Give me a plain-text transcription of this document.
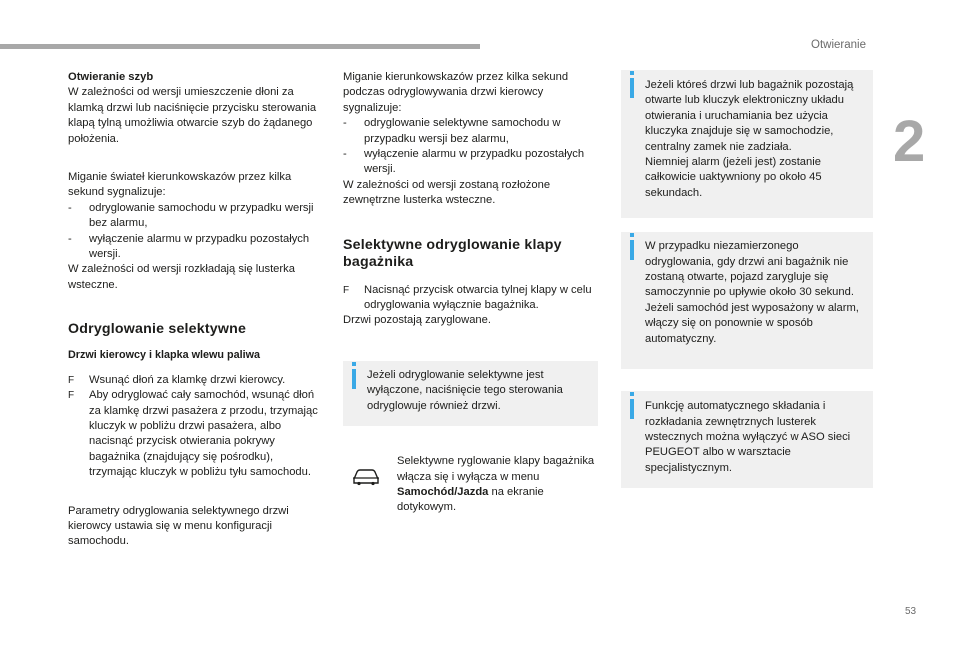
Otwieranie
2
53

Otwieranie szyb

W zależności od wersji umieszczenie dłoni za klamką drzwi lub naciśnięcie przycisku sterowania klapą tylną umożliwia otwarcie szyb do żądanego położenia.

Miganie świateł kierunkowskazów przez kilka sekund sygnalizuje:

- odryglowanie samochodu w przypadku wersji bez alarmu,
- wyłączenie alarmu w przypadku pozostałych wersji.

W zależności od wersji rozkładają się lusterka wsteczne.

Odryglowanie selektywne

Drzwi kierowcy i klapka wlewu paliwa

F Wsunąć dłoń za klamkę drzwi kierowcy.
F Aby odryglować cały samochód, wsunąć dłoń za klamkę drzwi pasażera z przodu, trzymając kluczyk w pobliżu drzwi pasażera, albo nacisnąć przycisk otwierania pokrywy bagażnika (znajdujący się pośrodku), trzymając kluczyk w pobliżu tyłu samochodu.

Parametry odryglowania selektywnego drzwi kierowcy ustawia się w menu konfiguracji samochodu.

Miganie kierunkowskazów przez kilka sekund podczas odryglowywania drzwi kierowcy sygnalizuje:

- odryglowanie selektywne samochodu w przypadku wersji bez alarmu,
- wyłączenie alarmu w przypadku pozostałych wersji.

W zależności od wersji zostaną rozłożone zewnętrzne lusterka wsteczne.

Selektywne odryglowanie klapy bagażnika
F Nacisnąć przycisk otwarcia tylnej klapy w celu odryglowania wyłącznie bagażnika.

Drzwi pozostają zaryglowane.

Jeżeli odryglowanie selektywne jest wyłączone, naciśnięcie tego sterowania odryglowuje również drzwi.

Selektywne ryglowanie klapy bagażnika włącza się i wyłącza w menu Samochód/Jazda na ekranie dotykowym.

Jeżeli któreś drzwi lub bagażnik pozostają otwarte lub kluczyk elektroniczny układu otwierania i uruchamiania bez użycia kluczyka znajduje się w samochodzie, centralny zamek nie zadziała.

Niemniej alarm (jeżeli jest) zostanie całkowicie uaktywniony po około 45 sekundach.

W przypadku niezamierzonego odryglowania, gdy drzwi ani bagażnik nie zostaną otwarte, pojazd zarygluje się samoczynnie po upływie około 30 sekund.

Jeżeli samochód jest wyposażony w alarm, włączy się on ponownie w sposób automatyczny.

Funkcję automatycznego składania i rozkładania zewnętrznych lusterek wstecznych można wyłączyć w ASO sieci PEUGEOT albo w warsztacie specjalistycznym.
